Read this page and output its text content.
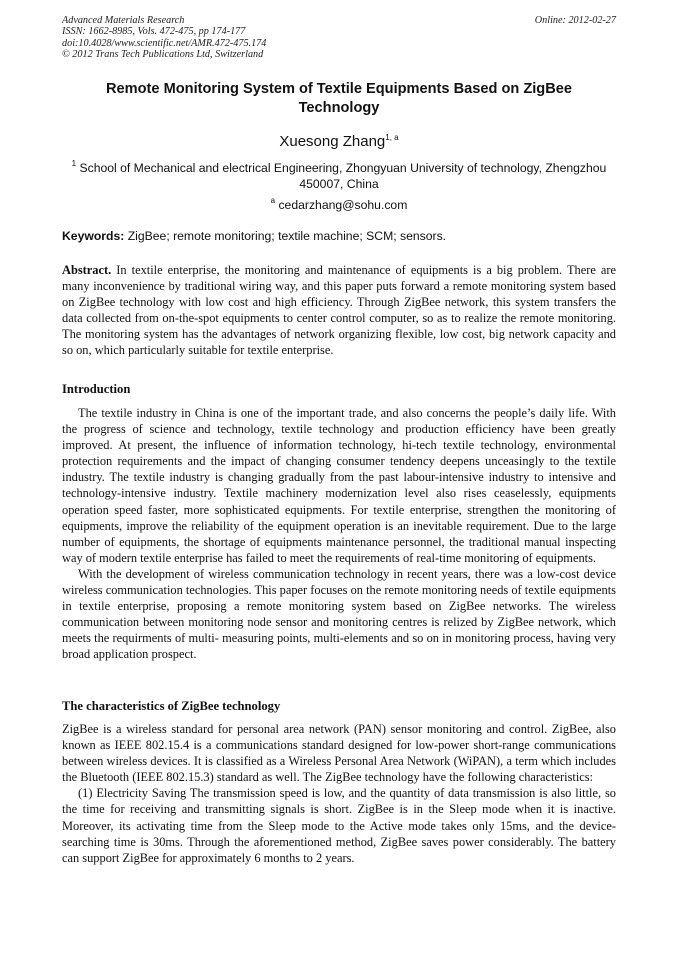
Advanced Materials Research
ISSN: 1662-8985, Vols. 472-475, pp 174-177
doi:10.4028/www.scientific.net/AMR.472-475.174
© 2012 Trans Tech Publications Ltd, Switzerland
Online: 2012-02-27
Remote Monitoring System of Textile Equipments Based on ZigBee
Technology
Xuesong Zhang$^{1, a}$
$^1$ School of Mechanical and electrical Engineering, Zhongyuan University of technology, Zhengzhou
450007, China
$^a$ cedarzhang@sohu.com
Keywords: ZigBee; remote monitoring; textile machine; SCM; sensors.

Abstract. In textile enterprise, the monitoring and maintenance of equipments is a big problem. There are many inconvenience by traditional wiring way, and this paper puts forward a remote monitoring system based on ZigBee technology with low cost and high efficiency. Through ZigBee network, this system transfers the data collected from on-the-spot equipments to center control computer, so as to realize the remote monitoring. The monitoring system has the advantages of network organizing flexible, low cost, big network capacity and so on, which particularly suitable for textile enterprise.

Introduction

The textile industry in China is one of the important trade, and also concerns the people’s daily life. With the progress of science and technology, textile technology and production efficiency have been greatly improved. At present, the influence of information technology, hi-tech textile technology, environmental protection requirements and the impact of changing consumer tendency deepens unceasingly to the textile industry. The textile industry is changing gradually from the past labour-intensive industry to intensive and technology-intensive industry. Textile machinery modernization level also rises ceaselessly, equipments operation speed faster, more sophisticated equipments. For textile enterprise, strengthen the monitoring of equipments, improve the reliability of the equipment operation is an inevitable requirement. Due to the large number of equipments, the shortage of equipments maintenance personnel, the traditional manual inspecting way of modern textile enterprise has failed to meet the requirements of real-time monitoring of equipments.

With the development of wireless communication technology in recent years, there was a low-cost device wireless communication technologies. This paper focuses on the remote monitoring needs of textile equipments in textile enterprise, proposing a remote monitoring system based on ZigBee networks. The wireless communication between monitoring node sensor and monitoring centres is relized by ZigBee network, which meets the requirments of multi- measuring points, multi-elements and so on in monitoring process, having very broad application prospect.

The characteristics of ZigBee technology

ZigBee is a wireless standard for personal area network (PAN) sensor monitoring and control. ZigBee, also known as IEEE 802.15.4 is a communications standard designed for low-power short-range communications between wireless devices. It is classified as a Wireless Personal Area Network (WiPAN), a term which includes the Bluetooth (IEEE 802.15.3) standard as well. The ZigBee technology have the following characteristics:

(1) Electricity Saving The transmission speed is low, and the quantity of data transmission is also little, so the time for receiving and transmitting signals is short. ZigBee is in the Sleep mode when it is inactive. Moreover, its activating time from the Sleep mode to the Active mode takes only 15ms, and the device-searching time is 30ms. Through the aforementioned method, ZigBee saves power considerably. The battery can support ZigBee for approximately 6 months to 2 years.
